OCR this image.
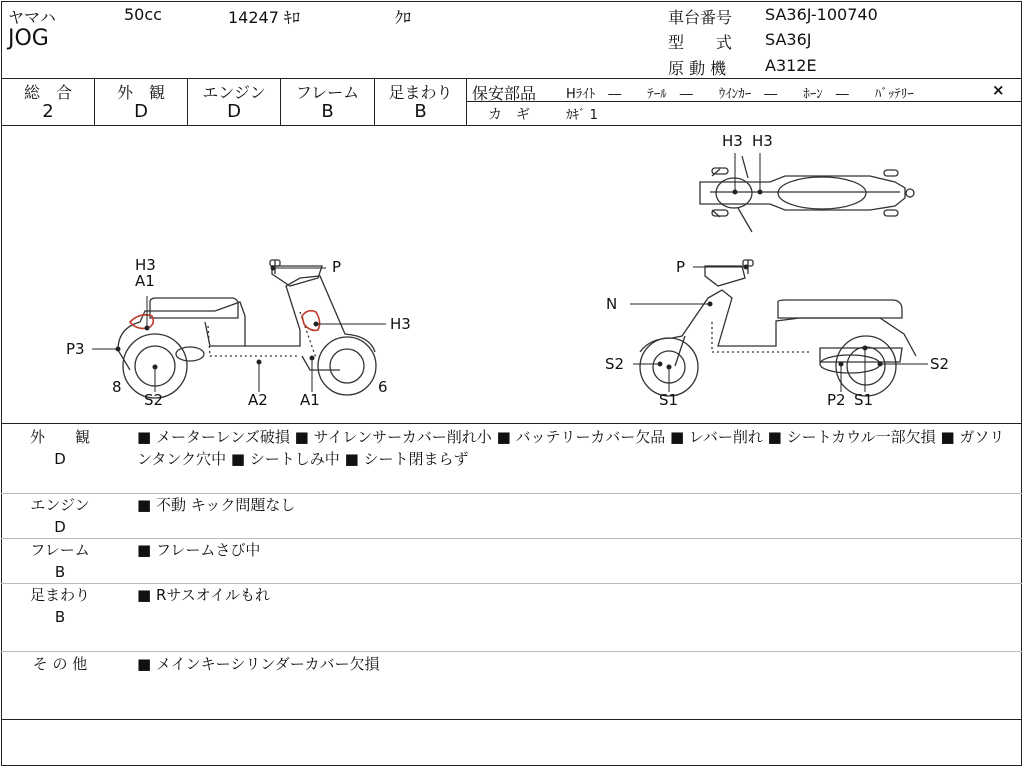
ヤマハ	50cc	14247 ｷﾛ	ｸﾛ
JOG
車台番号 SA36J-100740
型　　式 SA36J
原 動 機 A312E
総　合
2
外　観
D
エンジン
D
フレーム
B
足まわり
B
保安部品 Hﾗｲﾄ　―　　ﾃｰﾙ　―　　ｳｲﾝｶｰ　―　　ﾎｰﾝ　―　　ﾊﾞｯﾃﾘｰ	×
カ　ギ	ｶｷﾞ 1
H3 H3
H3
A1
P
H3
P3
8
S2	A2 A1
6
P
N
S2
S1	P2 S1
S2
外　　観
D
■ メーターレンズ破損 ■ サイレンサーカバー削れ小 ■ バッテリーカバー欠品 ■ レバー削れ ■ シートカウル一部欠損 ■ ガソリンタンク穴中 ■ シートしみ中 ■ シート閉まらず
エンジン
D
■ 不動 キック問題なし
フレーム
B
■ フレームさび中
足まわり
B
■ Rサスオイルもれ
そ の 他	■ メインキーシリンダーカバー欠損
